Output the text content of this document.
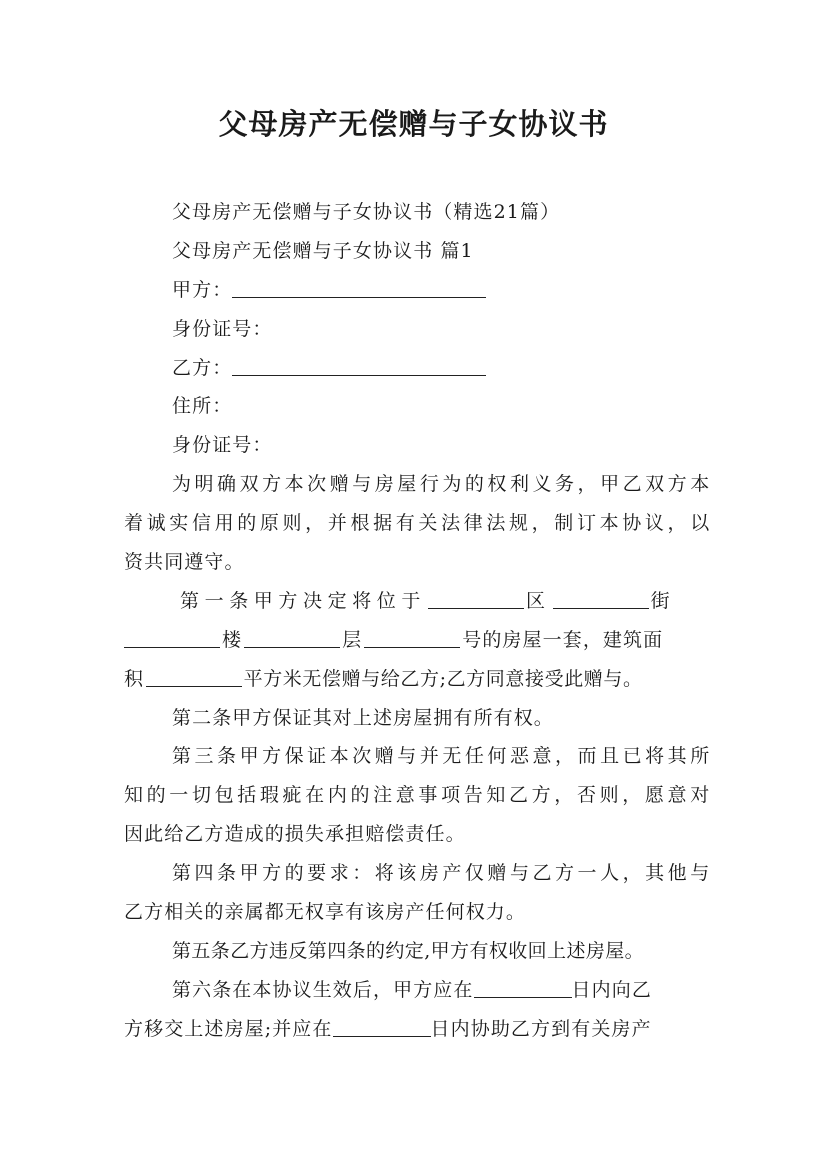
父母房产无偿赠与子女协议书
父母房产无偿赠与子女协议书（精选21篇）
父母房产无偿赠与子女协议书 篇1
甲方：
身份证号：
乙方：
住所：
身份证号：
为明确双方本次赠与房屋行为的权利义务，甲乙双方本
着诚实信用的原则，并根据有关法律法规，制订本协议，以
资共同遵守。
第一条甲方决定将位于	区	街
楼	层	号的房屋一套，建筑面
积	平方米无偿赠与给乙方;乙方同意接受此赠与。
第二条甲方保证其对上述房屋拥有所有权。
第三条甲方保证本次赠与并无任何恶意，而且已将其所
知的一切包括瑕疵在内的注意事项告知乙方，否则，愿意对
因此给乙方造成的损失承担赔偿责任。
第四条甲方的要求：将该房产仅赠与乙方一人，其他与
乙方相关的亲属都无权享有该房产任何权力。
第五条乙方违反第四条的约定,甲方有权收回上述房屋。
第六条在本协议生效后，甲方应在	日内向乙
方移交上述房屋;并应在	日内协助乙方到有关房产
